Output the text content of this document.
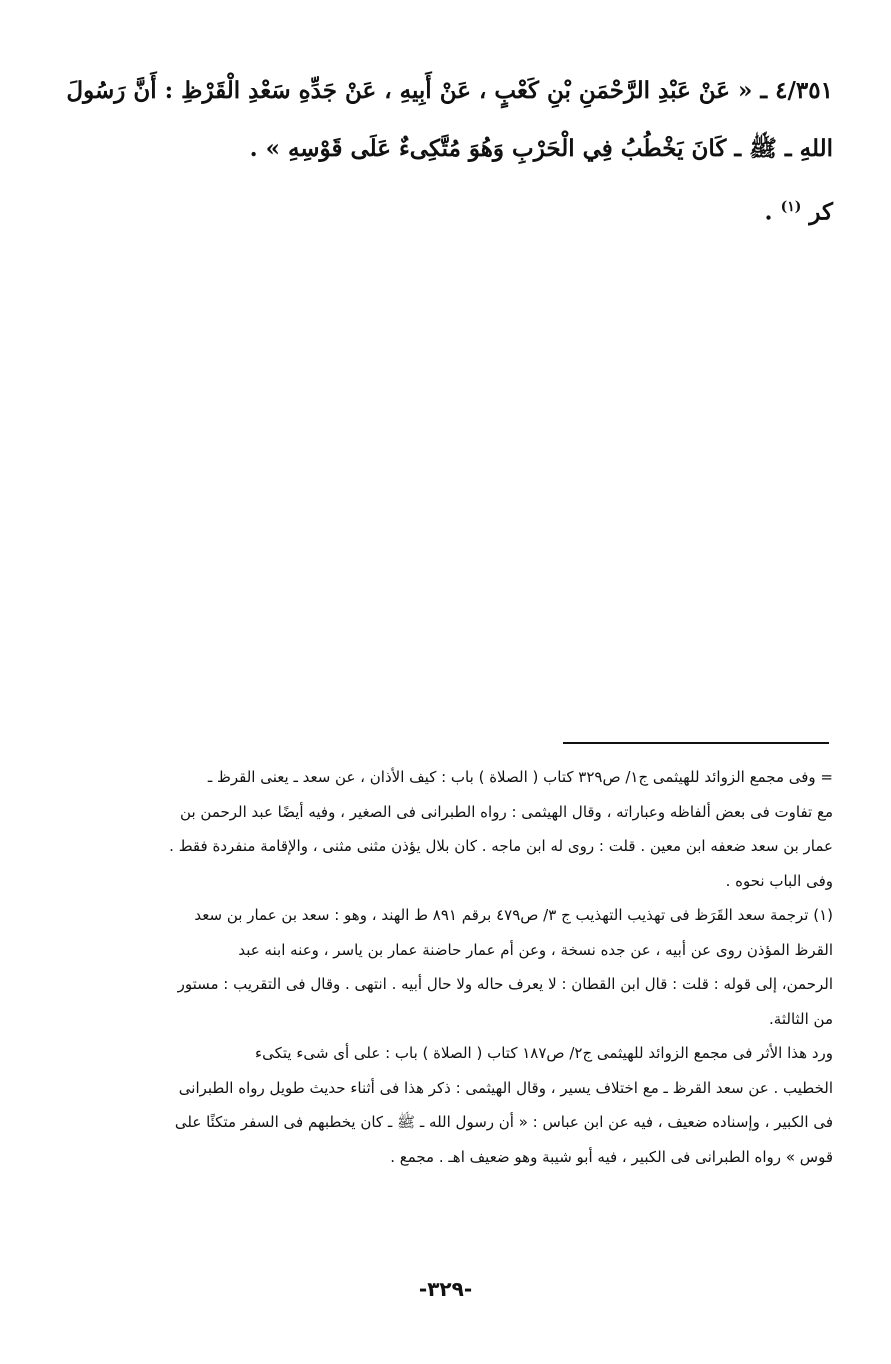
٤/٣٥١ ـ « عَنْ عَبْدِ الرَّحْمَنِ بْنِ كَعْبٍ ، عَنْ أَبِيهِ ، عَنْ جَدِّهِ سَعْدِ الْقَرْظِ : أَنَّ رَسُولَ
اللهِ ـ ﷺ ـ كَانَ يَخْطُبُ فِي الْحَرْبِ وَهُوَ مُتَّكِىءٌ عَلَى قَوْسِهِ » .
كر $^{(١)}$ .
= وفى مجمع الزوائد للهيثمى ج١/ ص٣٢٩ كتاب ( الصلاة ) باب : كيف الأذان ، عن سعد ـ يعنى القرظ ـ
مع تفاوت فى بعض ألفاظه وعباراته ، وقال الهيثمى : رواه الطبرانى فى الصغير ، وفيه أيضًا عبد الرحمن بن
عمار بن سعد ضعفه ابن معين . قلت : روى له ابن ماجه . كان بلال يؤذن مثنى مثنى ، والإقامة منفردة فقط .
وفى الباب نحوه .
(١) ترجمة سعد القَرَظ فى تهذيب التهذيب ج ٣/ ص٤٧٩ برقم ٨٩١ ط الهند ، وهو : سعد بن عمار بن سعد
القرظ المؤذن روى عن أبيه ، عن جده نسخة ، وعن أم عمار حاضنة عمار بن ياسر ، وعنه ابنه عبد
الرحمن، إلى قوله : قلت : قال ابن القطان : لا يعرف حاله ولا حال أبيه . انتهى . وقال فى التقريب : مستور
من الثالثة.
ورد هذا الأثر فى مجمع الزوائد للهيثمى ج٢/ ص١٨٧ كتاب ( الصلاة ) باب : على أى شىء يتكىء
الخطيب . عن سعد القرظ ـ مع اختلاف يسير ، وقال الهيثمى : ذكر هذا فى أثناء حديث طويل رواه الطبرانى
فى الكبير ، وإسناده ضعيف ، فيه عن ابن عباس : « أن رسول الله ـ ﷺ ـ كان يخطبهم فى السفر متكئًا على
قوس » رواه الطبرانى فى الكبير ، فيه أبو شيبة وهو ضعيف اهـ . مجمع .
-٣٢٩-
